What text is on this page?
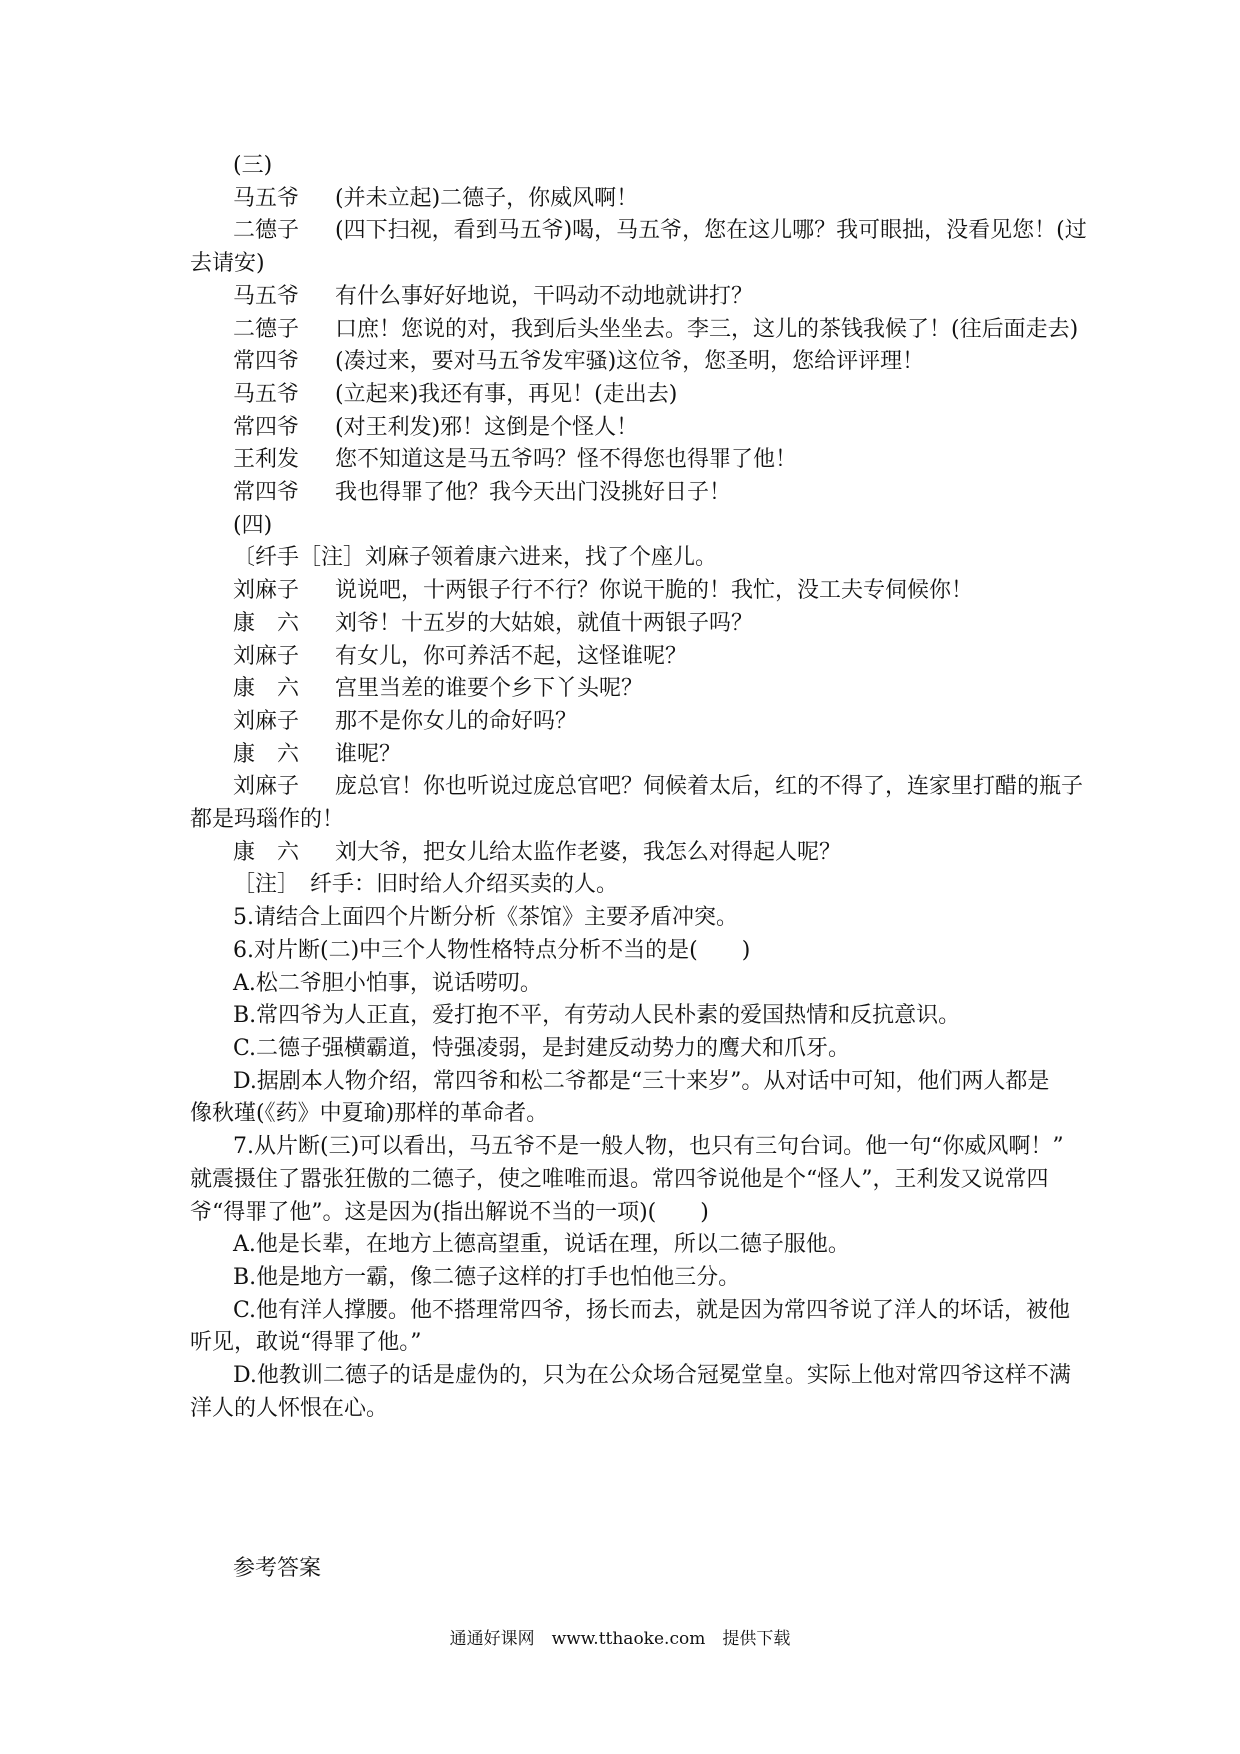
(三)
马五爷 (并未立起)二德子，你威风啊！
二德子 (四下扫视，看到马五爷)喝，马五爷，您在这儿哪？我可眼拙，没看见您！(过
去请安)
马五爷 有什么事好好地说，干吗动不动地就讲打？
二德子 口庶！您说的对，我到后头坐坐去。李三，这儿的茶钱我候了！(往后面走去)
常四爷 (凑过来，要对马五爷发牢骚)这位爷，您圣明，您给评评理！
马五爷 (立起来)我还有事，再见！(走出去)
常四爷 (对王利发)邪！这倒是个怪人！
王利发 您不知道这是马五爷吗？怪不得您也得罪了他！
常四爷 我也得罪了他？我今天出门没挑好日子！
(四)
〔纤手［注］刘麻子领着康六进来，找了个座儿。
刘麻子 说说吧，十两银子行不行？你说干脆的！我忙，没工夫专伺候你！
康　六 刘爷！十五岁的大姑娘，就值十两银子吗？
刘麻子 有女儿，你可养活不起，这怪谁呢？
康　六 宫里当差的谁要个乡下丫头呢？
刘麻子 那不是你女儿的命好吗？
康　六 谁呢？
刘麻子 庞总官！你也听说过庞总官吧？伺候着太后，红的不得了，连家里打醋的瓶子
都是玛瑙作的！
康　六 刘大爷，把女儿给太监作老婆，我怎么对得起人呢？
［注］　纤手：旧时给人介绍买卖的人。
5.请结合上面四个片断分析《茶馆》主要矛盾冲突。
6.对片断(二)中三个人物性格特点分析不当的是(　　)
A.松二爷胆小怕事，说话唠叨。
B.常四爷为人正直，爱打抱不平，有劳动人民朴素的爱国热情和反抗意识。
C.二德子强横霸道，恃强凌弱，是封建反动势力的鹰犬和爪牙。
D.据剧本人物介绍，常四爷和松二爷都是“三十来岁”。从对话中可知，他们两人都是
像秋瑾(《药》中夏瑜)那样的革命者。
7.从片断(三)可以看出，马五爷不是一般人物，也只有三句台词。他一句“你威风啊！”
就震摄住了嚣张狂傲的二德子，使之唯唯而退。常四爷说他是个“怪人”，王利发又说常四
爷“得罪了他”。这是因为(指出解说不当的一项)(　　)
A.他是长辈，在地方上德高望重，说话在理，所以二德子服他。
B.他是地方一霸，像二德子这样的打手也怕他三分。
C.他有洋人撑腰。他不搭理常四爷，扬长而去，就是因为常四爷说了洋人的坏话，被他
听见，敢说“得罪了他。”
D.他教训二德子的话是虚伪的，只为在公众场合冠冕堂皇。实际上他对常四爷这样不满
洋人的人怀恨在心。
参考答案
通通好课网　www.tthaoke.com　提供下载
